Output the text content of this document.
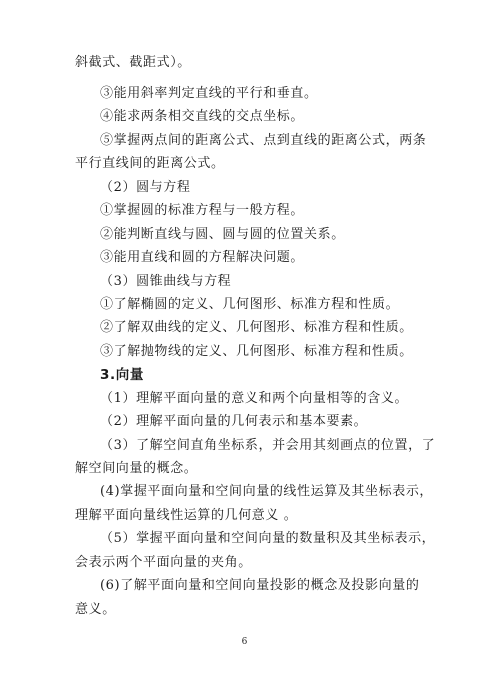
斜截式、截距式）。
③能用斜率判定直线的平行和垂直。
④能求两条相交直线的交点坐标。
⑤掌握两点间的距离公式、点到直线的距离公式，两条
平行直线间的距离公式。
（2）圆与方程
①掌握圆的标准方程与一般方程。
②能判断直线与圆、圆与圆的位置关系。
③能用直线和圆的方程解决问题。
（3）圆锥曲线与方程
①了解椭圆的定义、几何图形、标准方程和性质。
②了解双曲线的定义、几何图形、标准方程和性质。
③了解抛物线的定义、几何图形、标准方程和性质。
3.向量
（1）理解平面向量的意义和两个向量相等的含义。
（2）理解平面向量的几何表示和基本要素。
（3）了解空间直角坐标系，并会用其刻画点的位置，了
解空间向量的概念。
(4)掌握平面向量和空间向量的线性运算及其坐标表示，
理解平面向量线性运算的几何意义 。
（5）掌握平面向量和空间向量的数量积及其坐标表示，
会表示两个平面向量的夹角。
(6)了解平面向量和空间向量投影的概念及投影向量的
意义。
6
